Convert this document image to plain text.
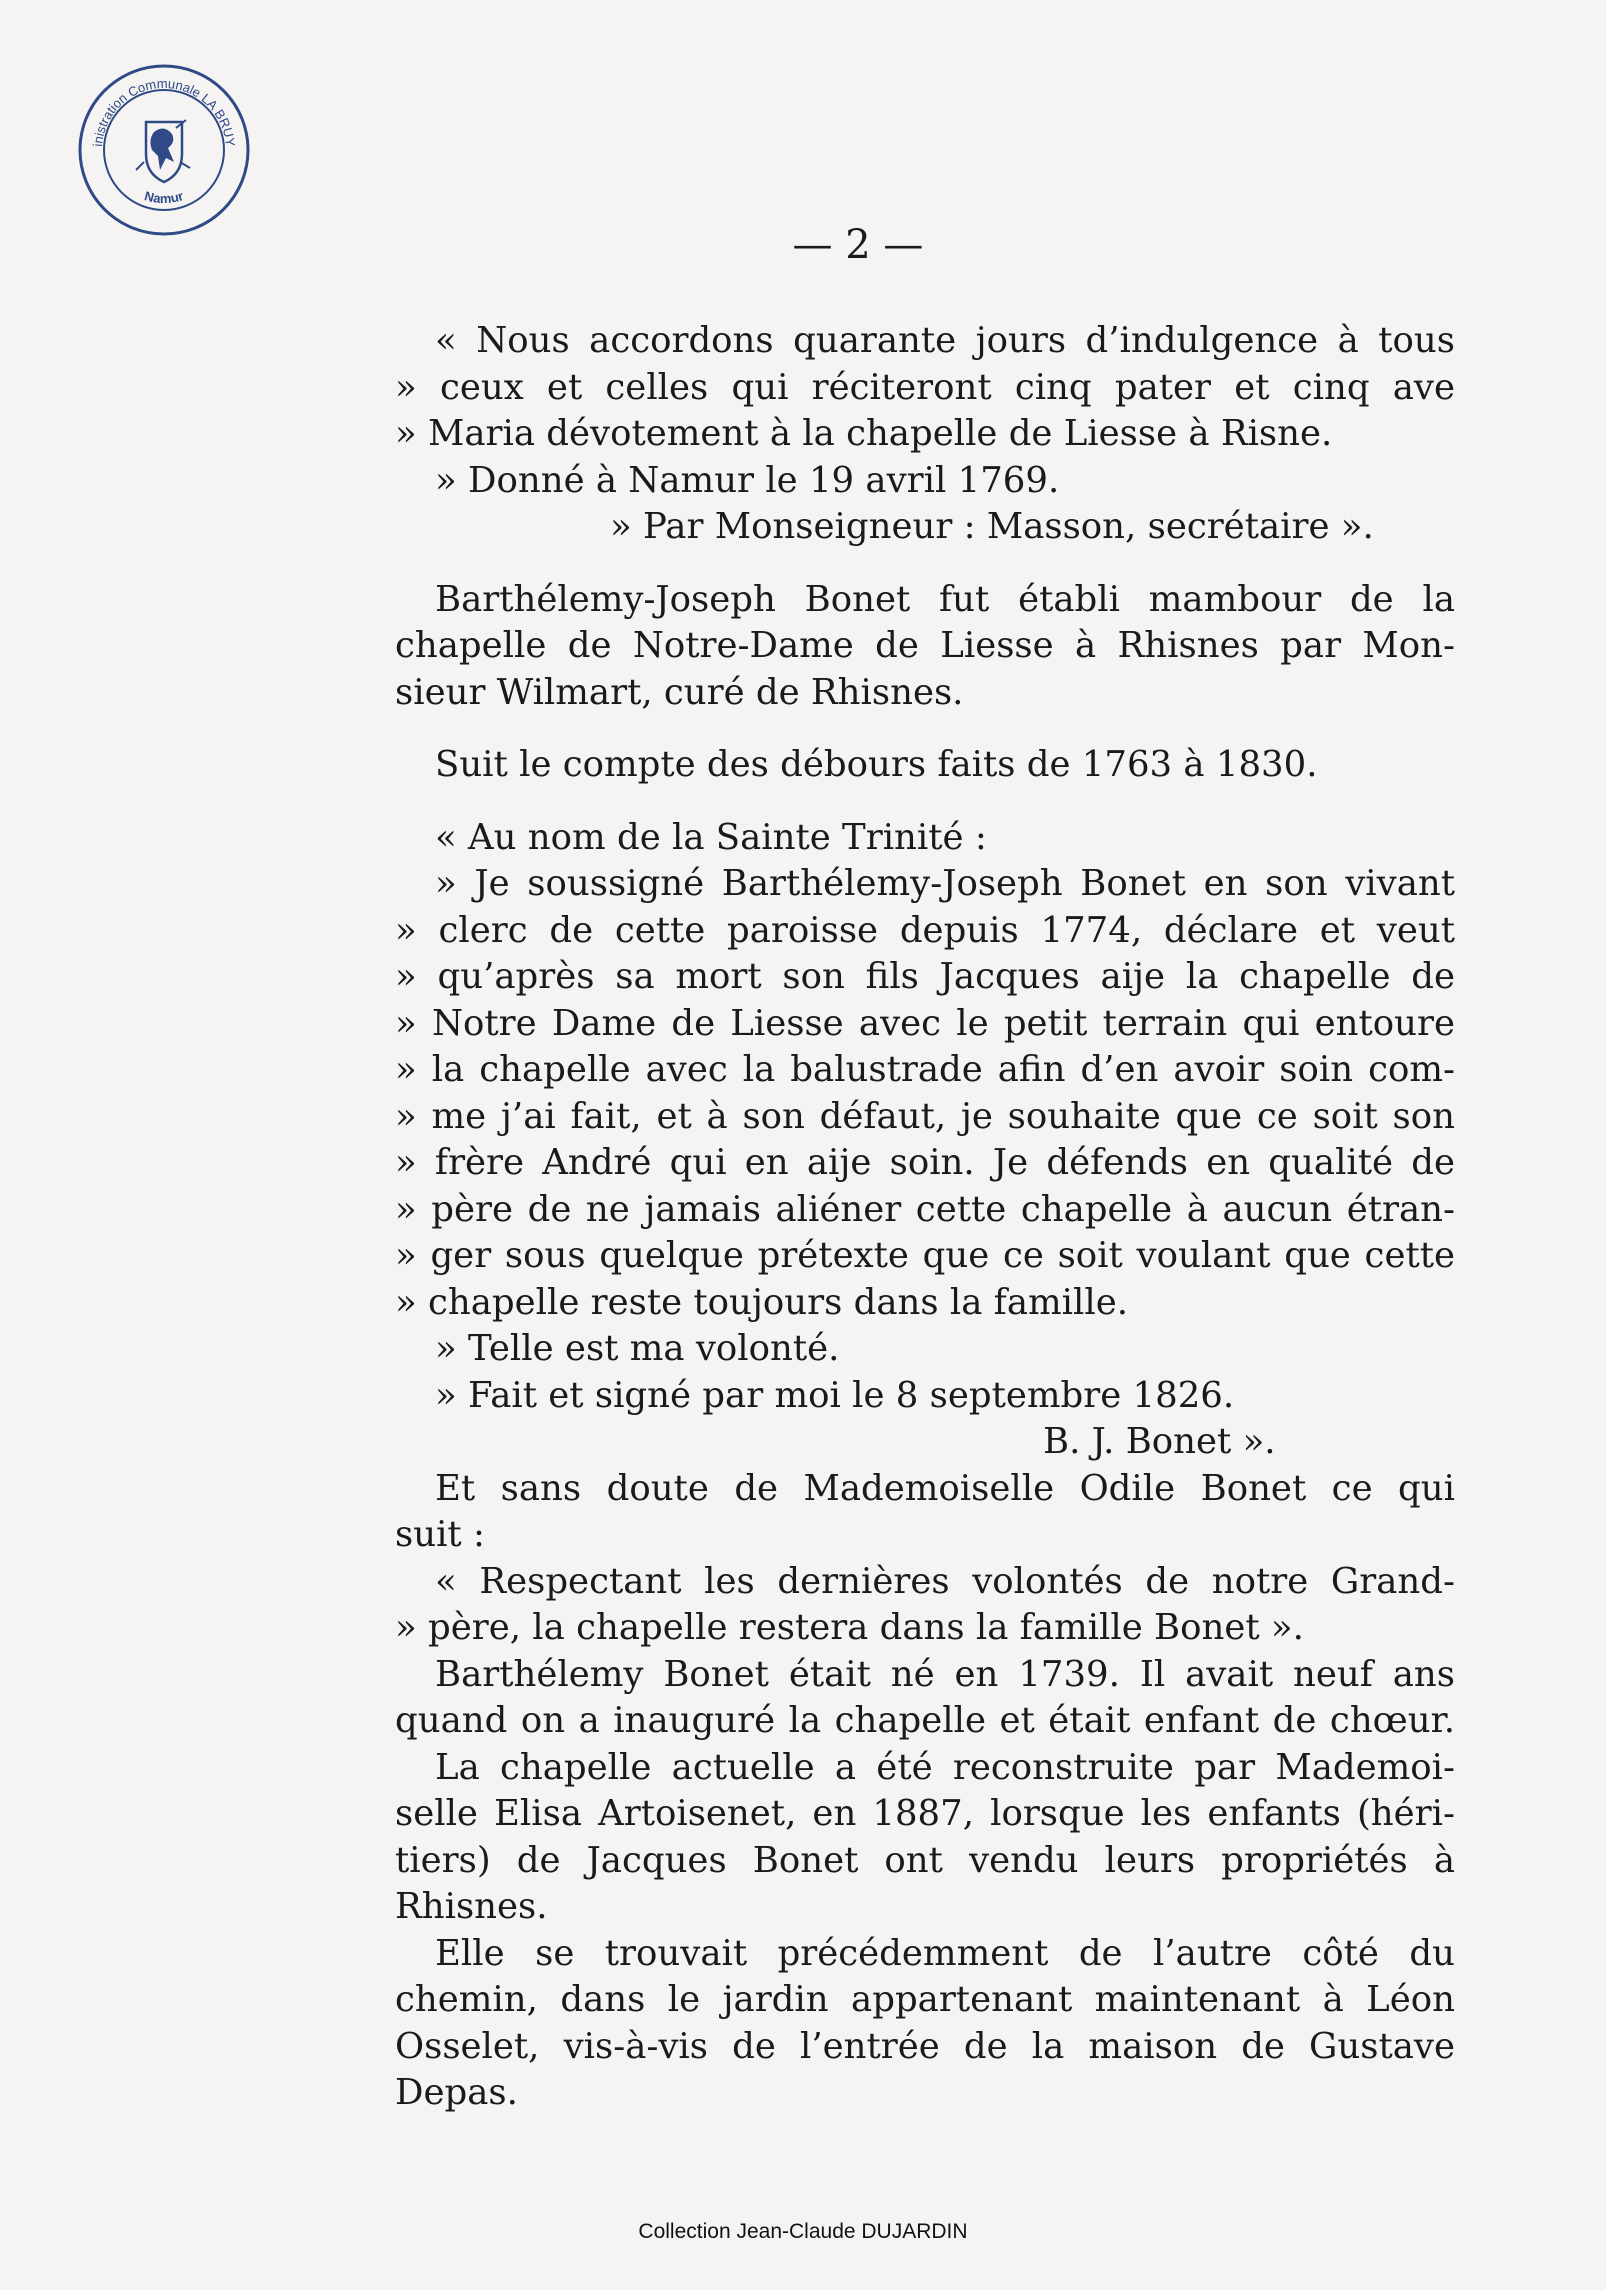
inistration Communale LA BRUY
Namur
— 2 —
« Nous accordons quarante jours d’indulgence à tous
» ceux et celles qui réciteront cinq pater et cinq ave
» Maria dévotement à la chapelle de Liesse à Risne.
» Donné à Namur le 19 avril 1769.
» Par Monseigneur : Masson, secrétaire ».
Barthélemy-Joseph Bonet fut établi mambour de la
chapelle de Notre-Dame de Liesse à Rhisnes par Mon-
sieur Wilmart, curé de Rhisnes.
Suit le compte des débours faits de 1763 à 1830.
« Au nom de la Sainte Trinité :
» Je soussigné Barthélemy-Joseph Bonet en son vivant
» clerc de cette paroisse depuis 1774, déclare et veut
» qu’après sa mort son fils Jacques aije la chapelle de
» Notre Dame de Liesse avec le petit terrain qui entoure
» la chapelle avec la balustrade afin d’en avoir soin com-
» me j’ai fait, et à son défaut, je souhaite que ce soit son
» frère André qui en aije soin. Je défends en qualité de
» père de ne jamais aliéner cette chapelle à aucun étran-
» ger sous quelque prétexte que ce soit voulant que cette
» chapelle reste toujours dans la famille.
» Telle est ma volonté.
» Fait et signé par moi le 8 septembre 1826.
B. J. Bonet ».
Et sans doute de Mademoiselle Odile Bonet ce qui
suit :
« Respectant les dernières volontés de notre Grand-
» père, la chapelle restera dans la famille Bonet ».
Barthélemy Bonet était né en 1739. Il avait neuf ans
quand on a inauguré la chapelle et était enfant de chœur.
La chapelle actuelle a été reconstruite par Mademoi-
selle Elisa Artoisenet, en 1887, lorsque les enfants (héri-
tiers) de Jacques Bonet ont vendu leurs propriétés à
Rhisnes.
Elle se trouvait précédemment de l’autre côté du
chemin, dans le jardin appartenant maintenant à Léon
Osselet, vis-à-vis de l’entrée de la maison de Gustave
Depas.
Collection Jean-Claude DUJARDIN
